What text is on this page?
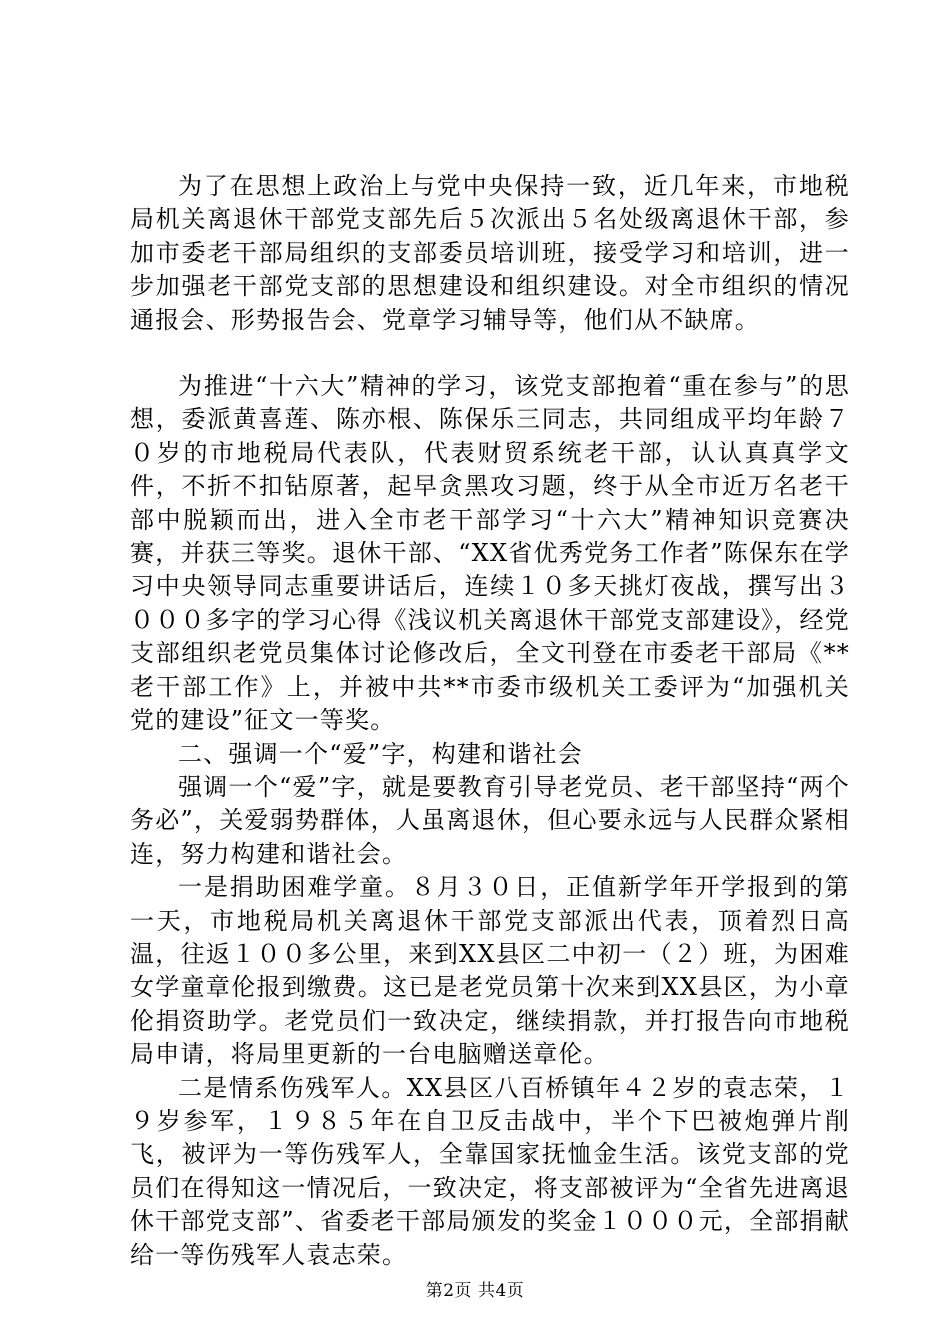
为了在思想上政治上与党中央保持一致，近几年来，市地税局机关离退休干部党支部先后５次派出５名处级离退休干部，参加市委老干部局组织的支部委员培训班，接受学习和培训，进一步加强老干部党支部的思想建设和组织建设。对全市组织的情况通报会、形势报告会、党章学习辅导等，他们从不缺席。

为推进“十六大”精神的学习，该党支部抱着“重在参与”的思想，委派黄喜莲、陈亦根、陈保乐三同志，共同组成平均年龄７０岁的市地税局代表队，代表财贸系统老干部，认认真真学文件，不折不扣钻原著，起早贪黑攻习题，终于从全市近万名老干部中脱颖而出，进入全市老干部学习“十六大”精神知识竞赛决赛，并获三等奖。退休干部、“XX省优秀党务工作者”陈保东在学习中央领导同志重要讲话后，连续１０多天挑灯夜战，撰写出３０００多字的学习心得《浅议机关离退休干部党支部建设》，经党支部组织老党员集体讨论修改后，全文刊登在市委老干部局《**老干部工作》上，并被中共**市委市级机关工委评为“加强机关党的建设”征文一等奖。

二、强调一个“爱”字，构建和谐社会

强调一个“爱”字，就是要教育引导老党员、老干部坚持“两个务必”，关爱弱势群体，人虽离退休，但心要永远与人民群众紧相连，努力构建和谐社会。

一是捐助困难学童。８月３０日，正值新学年开学报到的第一天，市地税局机关离退休干部党支部派出代表，顶着烈日高温，往返１００多公里，来到XX县区二中初一（２）班，为困难女学童章伦报到缴费。这已是老党员第十次来到XX县区，为小章伦捐资助学。老党员们一致决定，继续捐款，并打报告向市地税局申请，将局里更新的一台电脑赠送章伦。

二是情系伤残军人。XX县区八百桥镇年４２岁的袁志荣，１９岁参军，１９８５年在自卫反击战中，半个下巴被炮弹片削飞，被评为一等伤残军人，全靠国家抚恤金生活。该党支部的党员们在得知这一情况后，一致决定，将支部被评为“全省先进离退休干部党支部”、省委老干部局颁发的奖金１０００元，全部捐献给一等伤残军人袁志荣。

第2页 共4页
